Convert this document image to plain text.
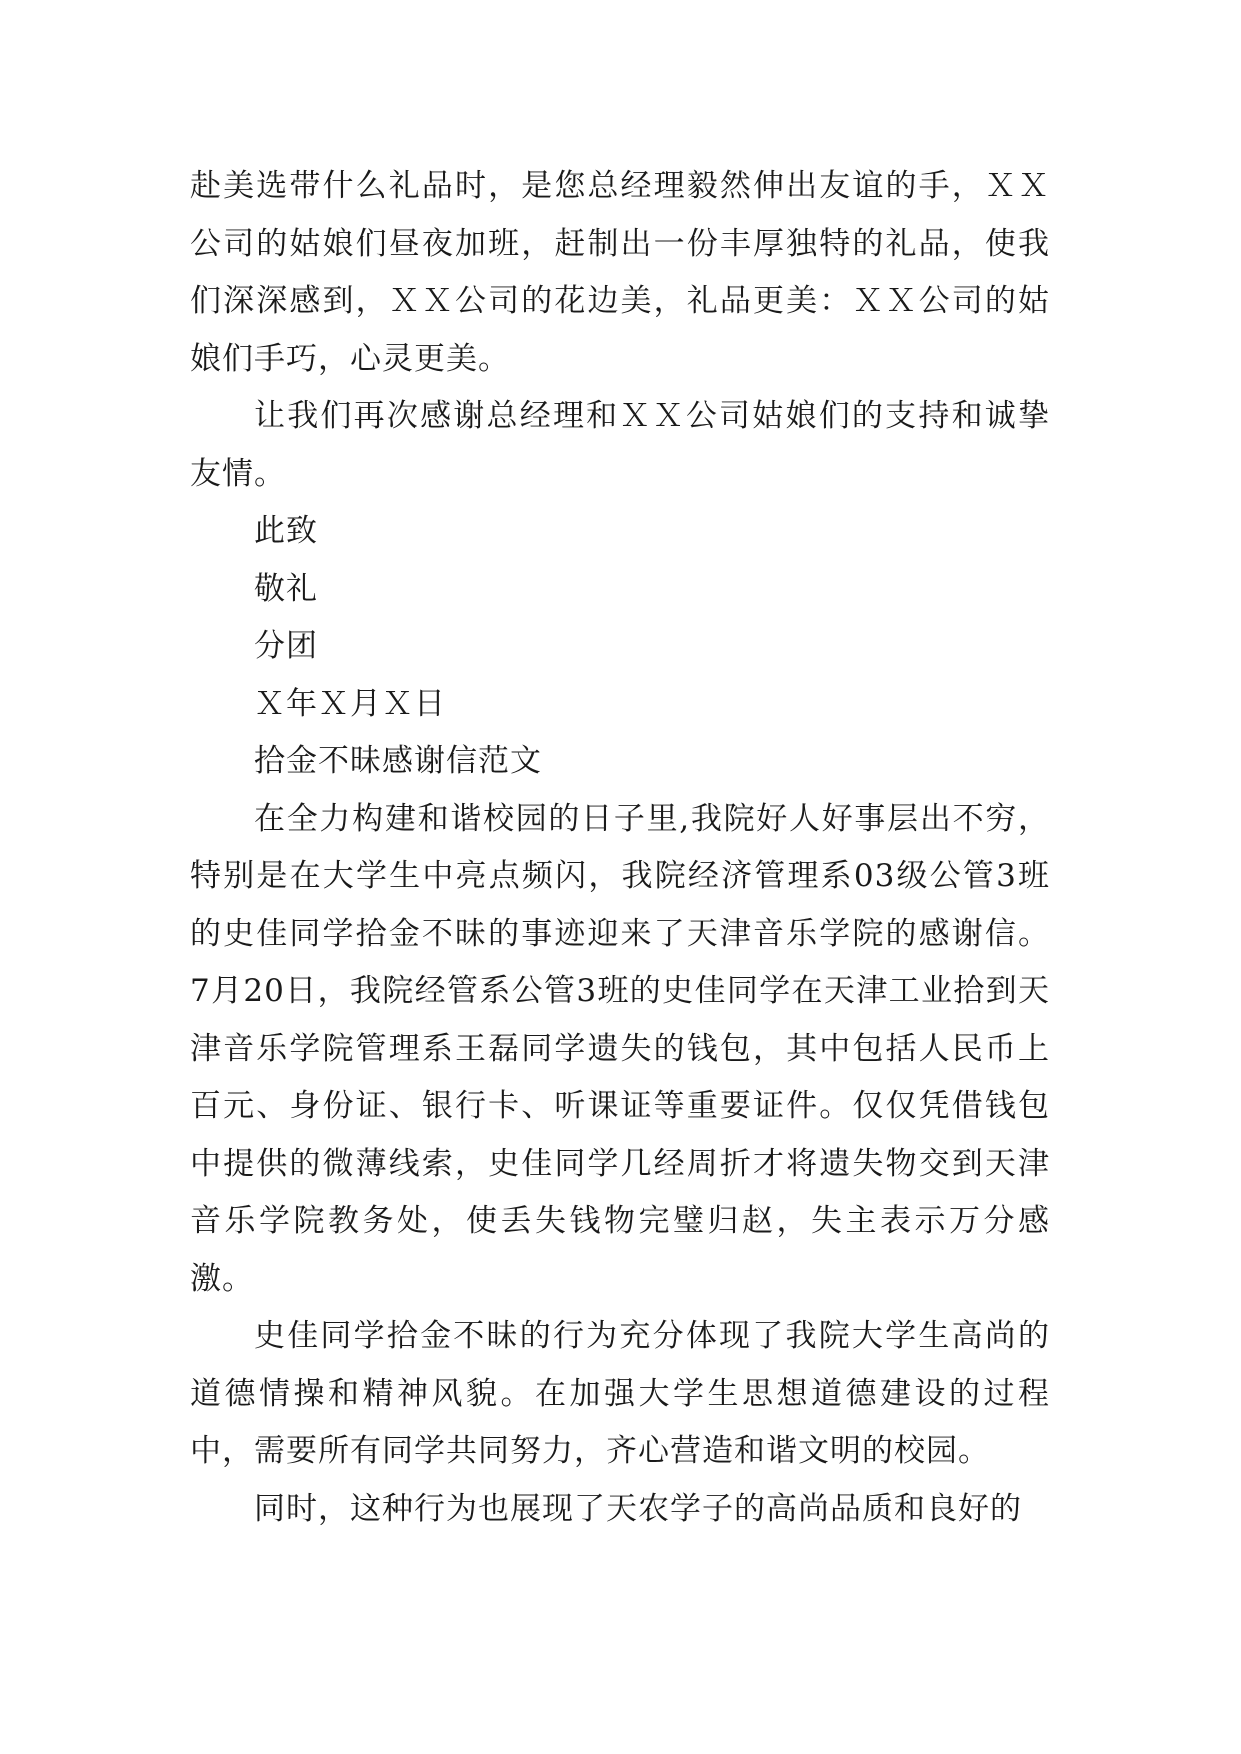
赴美选带什么礼品时，是您总经理毅然伸出友谊的手，ＸＸ公司的姑娘们昼夜加班，赶制出一份丰厚独特的礼品，使我们深深感到，ＸＸ公司的花边美，礼品更美：ＸＸ公司的姑娘们手巧，心灵更美。

让我们再次感谢总经理和ＸＸ公司姑娘们的支持和诚挚友情。

此致

敬礼

分团

Ｘ年Ｘ月Ｘ日

拾金不昧感谢信范文

在全力构建和谐校园的日子里,我院好人好事层出不穷，特别是在大学生中亮点频闪，我院经济管理系03级公管3班的史佳同学拾金不昧的事迹迎来了天津音乐学院的感谢信。 7月20日，我院经管系公管3班的史佳同学在天津工业拾到天津音乐学院管理系王磊同学遗失的钱包，其中包括人民币上百元、身份证、银行卡、听课证等重要证件。仅仅凭借钱包中提供的微薄线索，史佳同学几经周折才将遗失物交到天津音乐学院教务处，使丢失钱物完璧归赵，失主表示万分感激。

史佳同学拾金不昧的行为充分体现了我院大学生高尚的道德情操和精神风貌。在加强大学生思想道德建设的过程中，需要所有同学共同努力，齐心营造和谐文明的校园。

同时，这种行为也展现了天农学子的高尚品质和良好的
